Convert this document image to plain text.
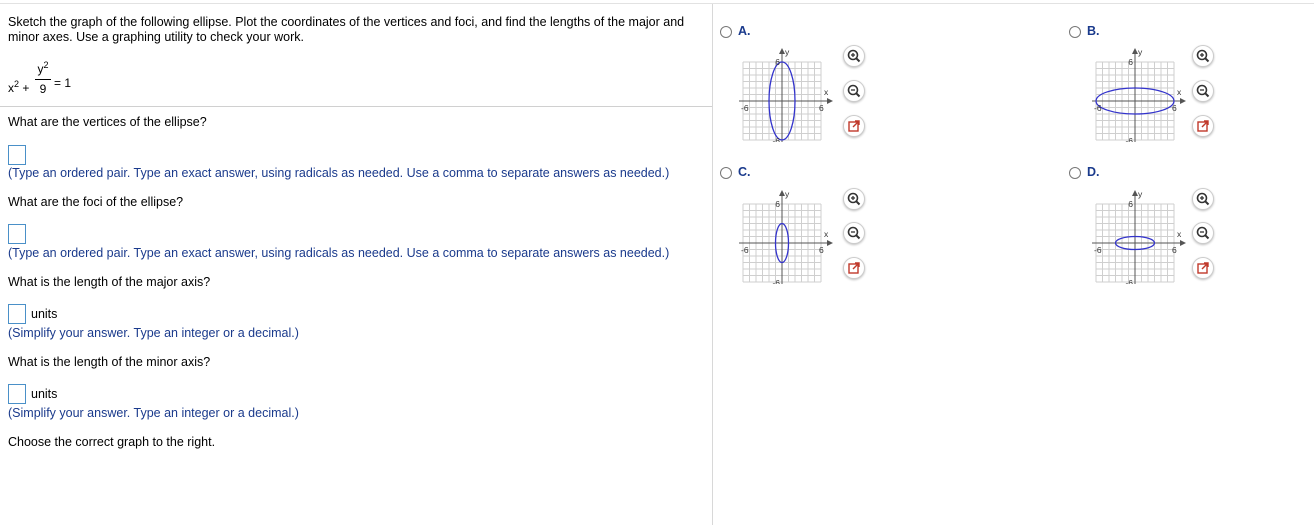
Sketch the graph of the following ellipse. Plot the coordinates of the vertices and foci, and find the lengths of the major and minor axes. Use a graphing utility to check your work.
$x^2$ +
$y^2$
9 = 1
What are the vertices of the ellipse?
(Type an ordered pair. Type an exact answer, using radicals as needed. Use a comma to separate answers as needed.)
What are the foci of the ellipse?
(Type an ordered pair. Type an exact answer, using radicals as needed. Use a comma to separate answers as needed.)
What is the length of the major axis?
units
(Simplify your answer. Type an integer or a decimal.)
What is the length of the minor axis?
units
(Simplify your answer. Type an integer or a decimal.)
Choose the correct graph to the right.
A.
y
x
6
-6
-6	6
B.
y
x
6
-6
-6	6
C.
y
x
6
-6
-6	6
D.
y
x
6
-6
-6	6
